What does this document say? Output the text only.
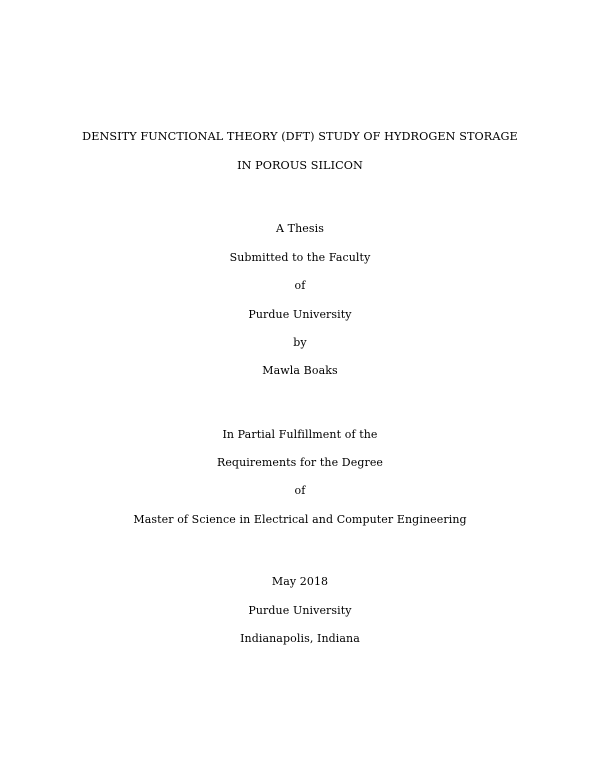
DENSITY FUNCTIONAL THEORY (DFT) STUDY OF HYDROGEN STORAGE
IN POROUS SILICON
A Thesis
Submitted to the Faculty
of
Purdue University
by
Mawla Boaks
In Partial Fulfillment of the
Requirements for the Degree
of
Master of Science in Electrical and Computer Engineering
May 2018
Purdue University
Indianapolis, Indiana
